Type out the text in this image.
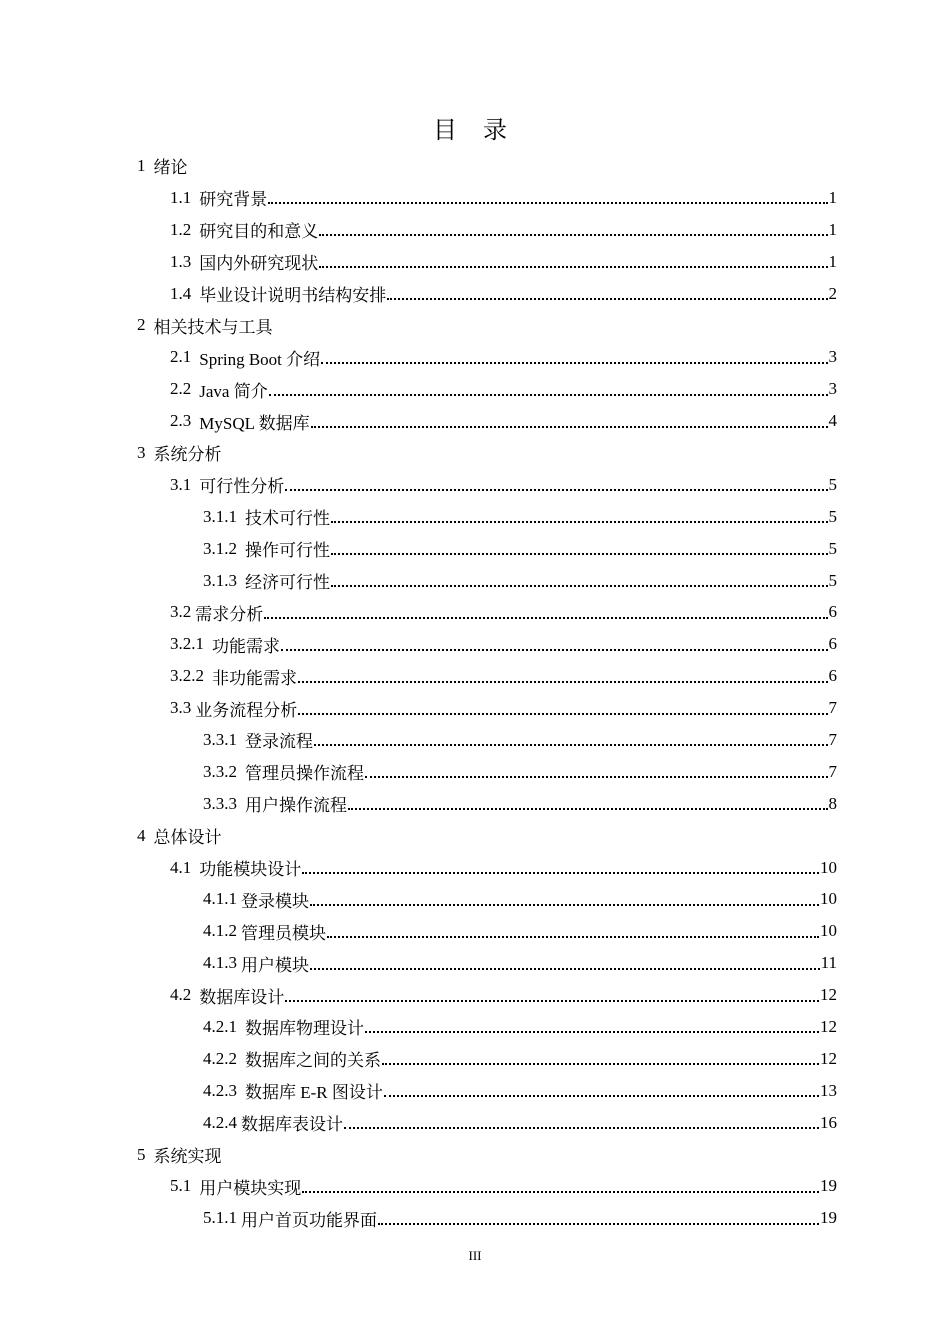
目 录
1 绪论
1.1 研究背景	1
1.2 研究目的和意义	1
1.3 国内外研究现状	1
1.4 毕业设计说明书结构安排	2
2 相关技术与工具
2.1 Spring Boot 介绍	3
2.2 Java 简介	3
2.3 MySQL 数据库	4
3 系统分析
3.1 可行性分析	5
3.1.1 技术可行性	5
3.1.2 操作可行性	5
3.1.3 经济可行性	5
3.2 需求分析	6
3.2.1 功能需求	6
3.2.2 非功能需求	6
3.3 业务流程分析	7
3.3.1 登录流程	7
3.3.2 管理员操作流程	7
3.3.3 用户操作流程	8
4 总体设计
4.1 功能模块设计	10
4.1.1 登录模块	10
4.1.2 管理员模块	10
4.1.3 用户模块	11
4.2 数据库设计	12
4.2.1 数据库物理设计	12
4.2.2 数据库之间的关系	12
4.2.3 数据库 E-R 图设计	13
4.2.4 数据库表设计	16
5 系统实现
5.1 用户模块实现	19
5.1.1 用户首页功能界面	19
III
